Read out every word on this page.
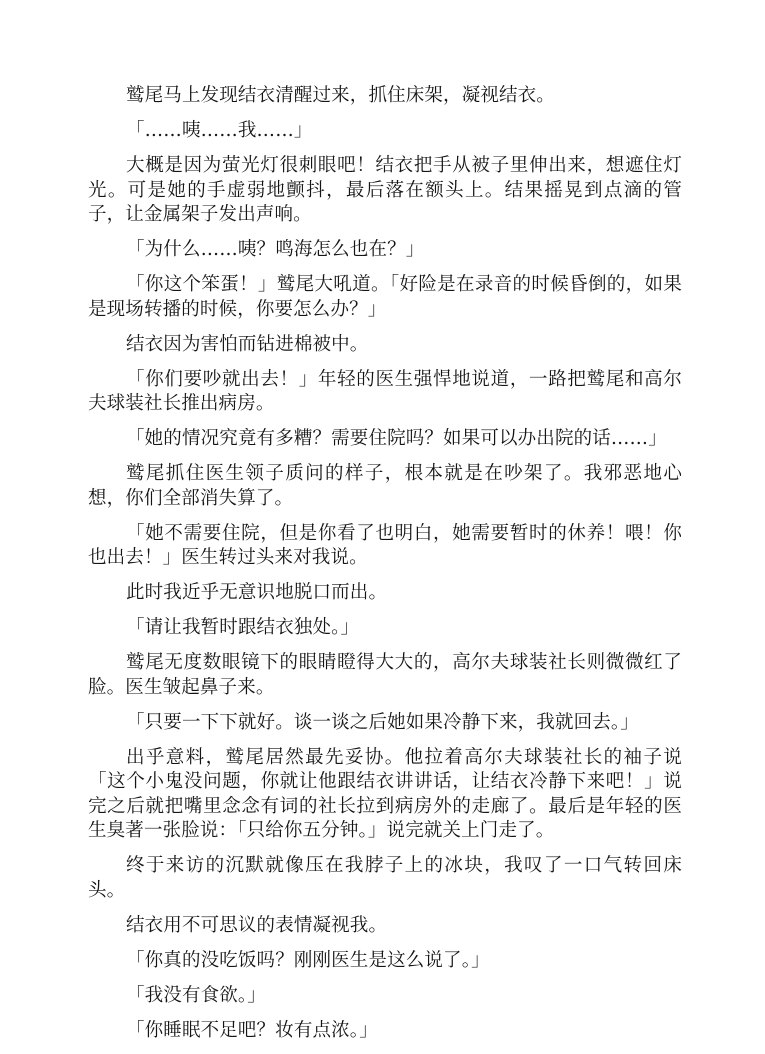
鹫尾马上发现结衣清醒过来，抓住床架，凝视结衣。

「……咦……我……」

大概是因为萤光灯很刺眼吧！结衣把手从被子里伸出来，想遮住灯光。可是她的手虚弱地颤抖，最后落在额头上。结果摇晃到点滴的管子，让金属架子发出声响。

「为什么……咦？鸣海怎么也在？」

「你这个笨蛋！」鹫尾大吼道。「好险是在录音的时候昏倒的，如果是现场转播的时候，你要怎么办？」

结衣因为害怕而钻进棉被中。

「你们要吵就出去！」年轻的医生强悍地说道，一路把鹫尾和高尔夫球装社长推出病房。

「她的情况究竟有多糟？需要住院吗？如果可以办出院的话……」

鹫尾抓住医生领子质问的样子，根本就是在吵架了。我邪恶地心想，你们全部消失算了。

「她不需要住院，但是你看了也明白，她需要暂时的休养！喂！你也出去！」医生转过头来对我说。

此时我近乎无意识地脱口而出。

「请让我暂时跟结衣独处。」

鹫尾无度数眼镜下的眼睛瞪得大大的，高尔夫球装社长则微微红了脸。医生皱起鼻子来。

「只要一下下就好。谈一谈之后她如果冷静下来，我就回去。」

出乎意料，鹫尾居然最先妥协。他拉着高尔夫球装社长的袖子说「这个小鬼没问题，你就让他跟结衣讲讲话，让结衣冷静下来吧！」说完之后就把嘴里念念有词的社长拉到病房外的走廊了。最后是年轻的医生臭著一张脸说：「只给你五分钟。」说完就关上门走了。

终于来访的沉默就像压在我脖子上的冰块，我叹了一口气转回床头。

结衣用不可思议的表情凝视我。

「你真的没吃饭吗？刚刚医生是这么说了。」

「我没有食欲。」

「你睡眠不足吧？妆有点浓。」
